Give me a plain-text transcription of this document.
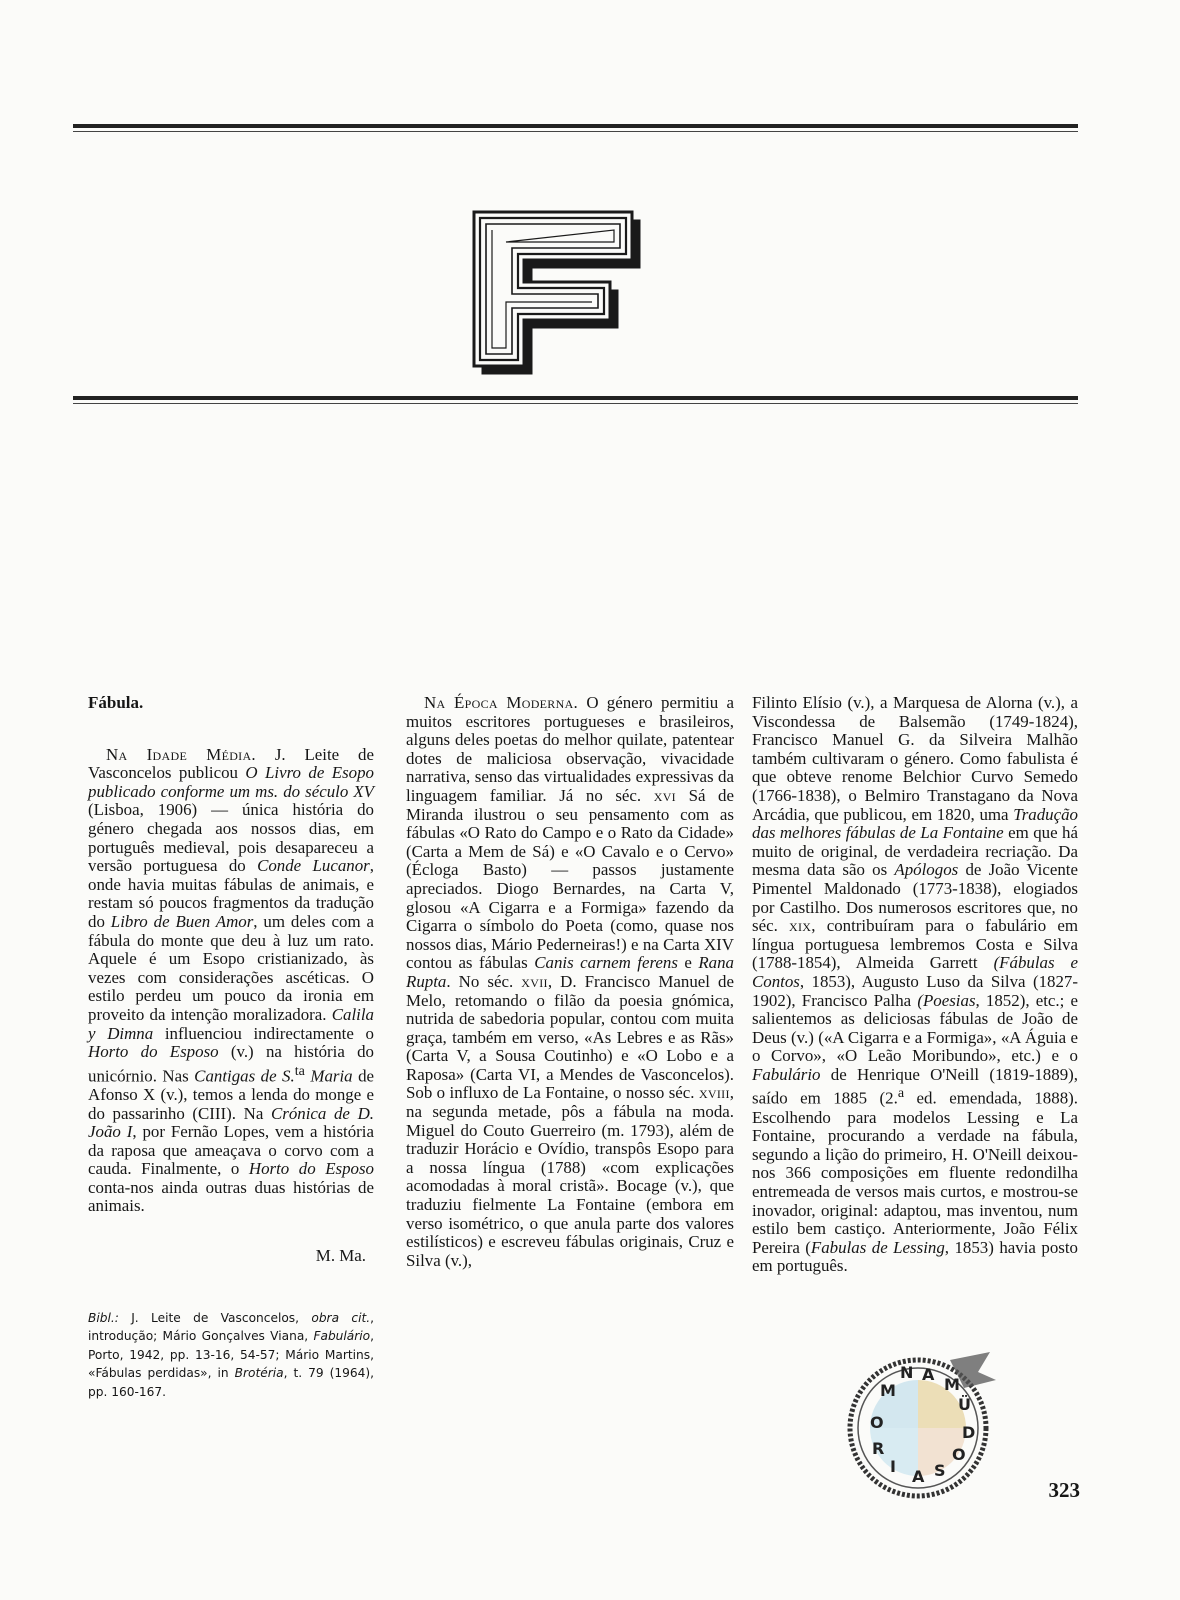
F

Fábula.

Na Idade Média. J. Leite de Vasconcelos publicou O Livro de Esopo publicado conforme um ms. do século XV (Lisboa, 1906) — única história do género chegada aos nossos dias, em português medieval, pois desapareceu a versão portuguesa do Conde Lucanor, onde havia muitas fábulas de animais, e restam só poucos fragmentos da tradução do Libro de Buen Amor, um deles com a fábula do monte que deu à luz um rato. Aquele é um Esopo cristianizado, às vezes com considerações ascéticas. O estilo perdeu um pouco da ironia em proveito da intenção moralizadora. Calila y Dimna influenciou indirectamente o Horto do Esposo (v.) na história do unicórnio. Nas Cantigas de S.$^{ta}$ Maria de Afonso X (v.), temos a lenda do monge e do passarinho (CIII). Na Crónica de D. João I, por Fernão Lopes, vem a história da raposa que ameaçava o corvo com a cauda. Finalmente, o Horto do Esposo conta-nos ainda outras duas histórias de animais.

M. Ma.

Bibl.: J. Leite de Vasconcelos, obra cit., introdução; Mário Gonçalves Viana, Fabulário, Porto, 1942, pp. 13-16, 54-57; Mário Martins, «Fábulas perdidas», in Brotéria, t. 79 (1964), pp. 160-167.

Na Época Moderna. O género permitiu a muitos escritores portugueses e brasileiros, alguns deles poetas do melhor quilate, patentear dotes de maliciosa observação, vivacidade narrativa, senso das virtualidades expressivas da linguagem familiar. Já no séc. xvi Sá de Miranda ilustrou o seu pensamento com as fábulas «O Rato do Campo e o Rato da Cidade» (Carta a Mem de Sá) e «O Cavalo e o Cervo» (Écloga Basto) — passos justamente apreciados. Diogo Bernardes, na Carta V, glosou «A Cigarra e a Formiga» fazendo da Cigarra o símbolo do Poeta (como, quase nos nossos dias, Mário Pederneiras!) e na Carta XIV contou as fábulas Canis carnem ferens e Rana Rupta. No séc. xvii, D. Francisco Manuel de Melo, retomando o filão da poesia gnómica, nutrida de sabedoria popular, contou com muita graça, também em verso, «As Lebres e as Rãs» (Carta V, a Sousa Coutinho) e «O Lobo e a Raposa» (Carta VI, a Mendes de Vasconcelos). Sob o influxo de La Fontaine, o nosso séc. xviii, na segunda metade, pôs a fábula na moda. Miguel do Couto Guerreiro (m. 1793), além de traduzir Horácio e Ovídio, transpôs Esopo para a nossa língua (1788) «com explicações acomodadas à moral cristã». Bocage (v.), que traduziu fielmente La Fontaine (embora em verso isométrico, o que anula parte dos valores estilísticos) e escreveu fábulas originais, Cruz e Silva (v.),

Filinto Elísio (v.), a Marquesa de Alorna (v.), a Viscondessa de Balsemão (1749-1824), Francisco Manuel G. da Silveira Malhão também cultivaram o género. Como fabulista é que obteve renome Belchior Curvo Semedo (1766-1838), o Belmiro Transtagano da Nova Arcádia, que publicou, em 1820, uma Tradução das melhores fábulas de La Fontaine em que há muito de original, de verdadeira recriação. Da mesma data são os Apólogos de João Vicente Pimentel Maldonado (1773-1838), elogiados por Castilho. Dos numerosos escritores que, no séc. xix, contribuíram para o fabulário em língua portuguesa lembremos Costa e Silva (1788-1854), Almeida Garrett (Fábulas e Contos, 1853), Augusto Luso da Silva (1827-1902), Francisco Palha (Poesias, 1852), etc.; e salientemos as deliciosas fábulas de João de Deus (v.) («A Cigarra e a Formiga», «A Águia e o Corvo», «O Leão Moribundo», etc.) e o Fabulário de Henrique O'Neill (1819-1889), saído em 1885 (2.$^a$ ed. emendada, 1888). Escolhendo para modelos Lessing e La Fontaine, procurando a verdade na fábula, segundo a lição do primeiro, H. O'Neill deixou-nos 366 composições em fluente redondilha entremeada de versos mais curtos, e mostrou-se inovador, original: adaptou, mas inventou, num estilo bem castiço. Anteriormente, João Félix Pereira (Fabulas de Lessing, 1853) havia posto em português.

M
O
R
I
A S
N A
M
Ü
D
O
323
